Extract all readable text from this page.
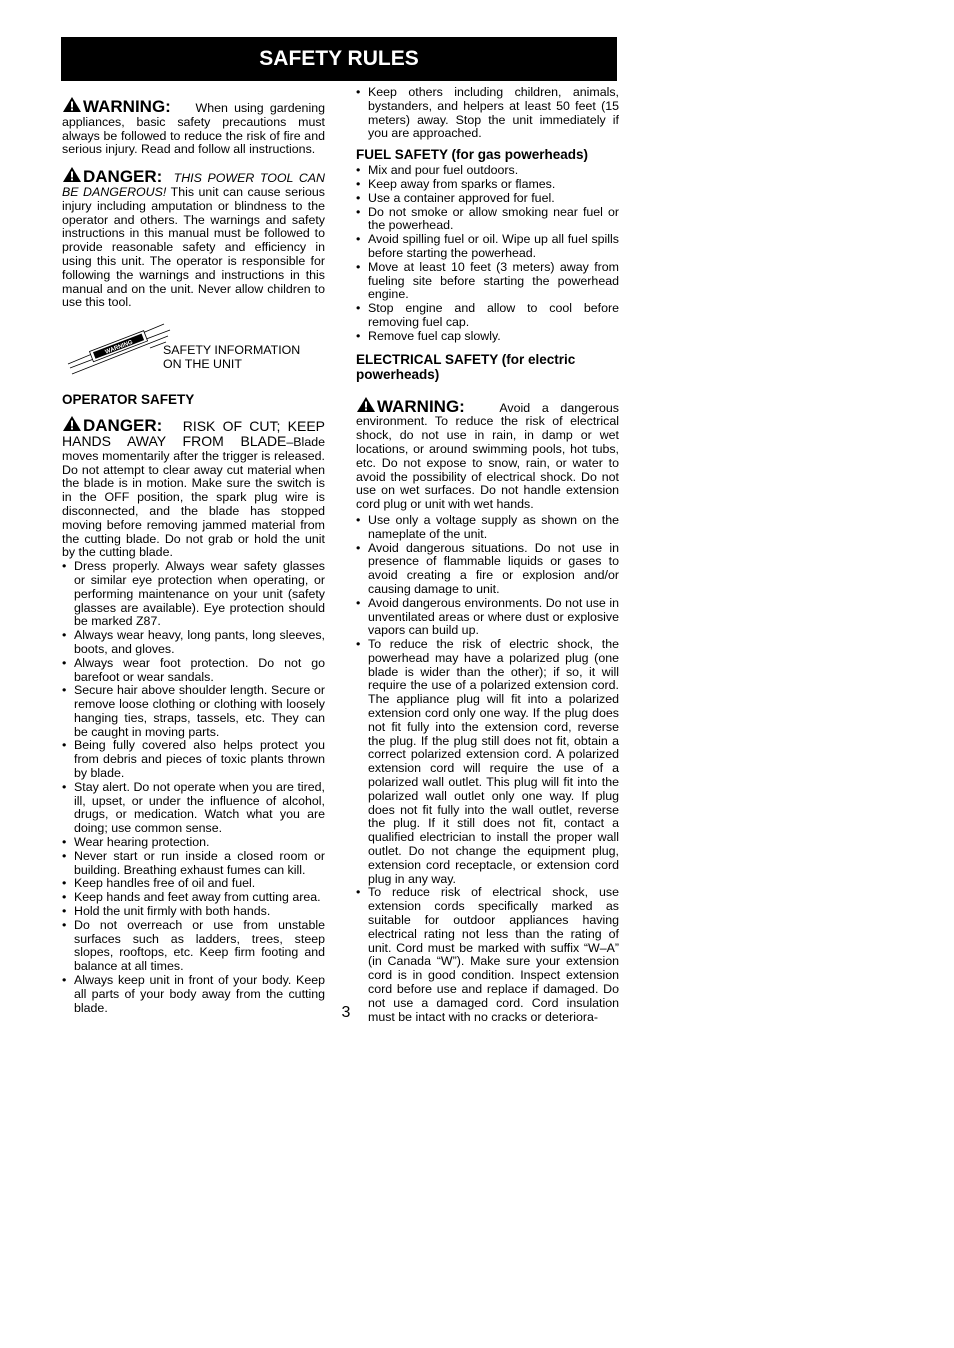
SAFETY RULES

WARNING: When using gardening appliances, basic safety precautions must always be followed to reduce the risk of fire and serious injury. Read and follow all instructions.

DANGER: THIS POWER TOOL CAN BE DANGEROUS! This unit can cause serious injury including amputation or blindness to the operator and others. The warnings and safety instructions in this manual must be followed to provide reasonable safety and efficiency in using this unit. The operator is responsible for following the warnings and instructions in this manual and on the unit. Never allow children to use this tool.

WARNING SAFETY INFORMATION
ON THE UNIT
OPERATOR SAFETY

DANGER: RISK OF CUT; KEEP HANDS AWAY FROM BLADE–Blade moves momentarily after the trigger is released. Do not attempt to clear away cut material when the blade is in motion. Make sure the switch is in the OFF position, the spark plug wire is disconnected, and the blade has stopped moving before removing jammed material from the cutting blade. Do not grab or hold the unit by the cutting blade.

• Dress properly. Always wear safety glasses or similar eye protection when operating, or performing maintenance on your unit (safety glasses are available). Eye protection should be marked Z87.
• Always wear heavy, long pants, long sleeves, boots, and gloves.
• Always wear foot protection. Do not go barefoot or wear sandals.
• Secure hair above shoulder length. Secure or remove loose clothing or clothing with loosely hanging ties, straps, tassels, etc. They can be caught in moving parts.
• Being fully covered also helps protect you from debris and pieces of toxic plants thrown by blade.
• Stay alert. Do not operate when you are tired, ill, upset, or under the influence of alcohol, drugs, or medication. Watch what you are doing; use common sense.
• Wear hearing protection.
• Never start or run inside a closed room or building. Breathing exhaust fumes can kill.
• Keep handles free of oil and fuel.
• Keep hands and feet away from cutting area.
• Hold the unit firmly with both hands.
• Do not overreach or use from unstable surfaces such as ladders, trees, steep slopes, rooftops, etc. Keep firm footing and balance at all times.
• Always keep unit in front of your body. Keep all parts of your body away from the cutting blade.
• Keep others including children, animals, bystanders, and helpers at least 50 feet (15 meters) away. Stop the unit immediately if you are approached.
FUEL SAFETY (for gas powerheads)
• Mix and pour fuel outdoors.
• Keep away from sparks or flames.
• Use a container approved for fuel.
• Do not smoke or allow smoking near fuel or the powerhead.
• Avoid spilling fuel or oil. Wipe up all fuel spills before starting the powerhead.
• Move at least 10 feet (3 meters) away from fueling site before starting the powerhead engine.
• Stop engine and allow to cool before removing fuel cap.
• Remove fuel cap slowly.
ELECTRICAL SAFETY (for electric powerheads)

WARNING:	Avoid a dangerous environment. To reduce the risk of electrical shock, do not use in rain, in damp or wet locations, or around swimming pools, hot tubs, etc. Do not expose to snow, rain, or water to avoid the possibility of electrical shock. Do not use on wet surfaces. Do not handle extension cord plug or unit with wet hands.

• Use only a voltage supply as shown on the nameplate of the unit.
• Avoid dangerous situations. Do not use in presence of flammable liquids or gases to avoid creating a fire or explosion and/or causing damage to unit.
• Avoid dangerous environments. Do not use in unventilated areas or where dust or explosive vapors can build up.
• To reduce the risk of electric shock, the powerhead may have a polarized plug (one blade is wider than the other); if so, it will require the use of a polarized extension cord. The appliance plug will fit into a polarized extension cord only one way. If the plug does not fit fully into the extension cord, reverse the plug. If the plug still does not fit, obtain a correct polarized extension cord. A polarized extension cord will require the use of a polarized wall outlet. This plug will fit into the polarized wall outlet only one way. If plug does not fit fully into the wall outlet, reverse the plug. If it still does not fit, contact a qualified electrician to install the proper wall outlet. Do not change the equipment plug, extension cord receptacle, or extension cord plug in any way.
• To reduce risk of electrical shock, use extension cords specifically marked as suitable for outdoor appliances having electrical rating not less than the rating of unit. Cord must be marked with suffix “W–A” (in Canada “W”). Make sure your extension cord is in good condition. Inspect extension cord before use and replace if damaged. Do not use a damaged cord. Cord insulation must be intact with no cracks or deteriora-
3
